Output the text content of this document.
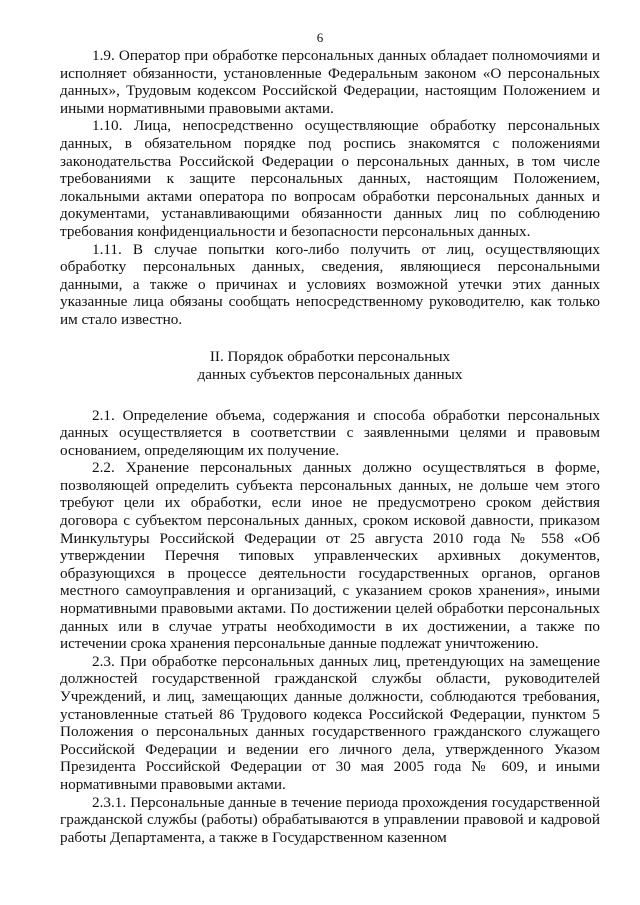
6

1.9. Оператор при обработке персональных данных обладает полномочиями и исполняет обязанности, установленные Федеральным законом «О персональных данных», Трудовым кодексом Российской Федерации, настоящим Положением и иными нормативными правовыми актами.

1.10. Лица, непосредственно осуществляющие обработку персональных данных, в обязательном порядке под роспись знакомятся с положениями законодательства Российской Федерации о персональных данных, в том числе требованиями к защите персональных данных, настоящим Положением, локальными актами оператора по вопросам обработки персональных данных и документами, устанавливающими обязанности данных лиц по соблюдению требования конфиденциальности и безопасности персональных данных.

1.11. В случае попытки кого-либо получить от лиц, осуществляющих обработку персональных данных, сведения, являющиеся персональными данными, а также о причинах и условиях возможной утечки этих данных указанные лица обязаны сообщать непосредственному руководителю, как только им стало известно.

II. Порядок обработки персональных
данных субъектов персональных данных

2.1. Определение объема, содержания и способа обработки персональных данных осуществляется в соответствии с заявленными целями и правовым основанием, определяющим их получение.

2.2. Хранение персональных данных должно осуществляться в форме, позволяющей определить субъекта персональных данных, не дольше чем этого требуют цели их обработки, если иное не предусмотрено сроком действия договора с субъектом персональных данных, сроком исковой давности, приказом Минкультуры Российской Федерации от 25 августа 2010 года № 558 «Об утверждении Перечня типовых управленческих архивных документов, образующихся в процессе деятельности государственных органов, органов местного самоуправления и организаций, с указанием сроков хранения», иными нормативными правовыми актами. По достижении целей обработки персональных данных или в случае утраты необходимости в их достижении, а также по истечении срока хранения персональные данные подлежат уничтожению.

2.3. При обработке персональных данных лиц, претендующих на замещение должностей государственной гражданской службы области, руководителей Учреждений, и лиц, замещающих данные должности, соблюдаются требования, установленные статьей 86 Трудового кодекса Российской Федерации, пунктом 5 Положения о персональных данных государственного гражданского служащего Российской Федерации и ведении его личного дела, утвержденного Указом Президента Российской Федерации от 30 мая 2005 года № 609, и иными нормативными правовыми актами.

2.3.1. Персональные данные в течение периода прохождения государственной гражданской службы (работы) обрабатываются в управлении правовой и кадровой работы Департамента, а также в Государственном казенном
